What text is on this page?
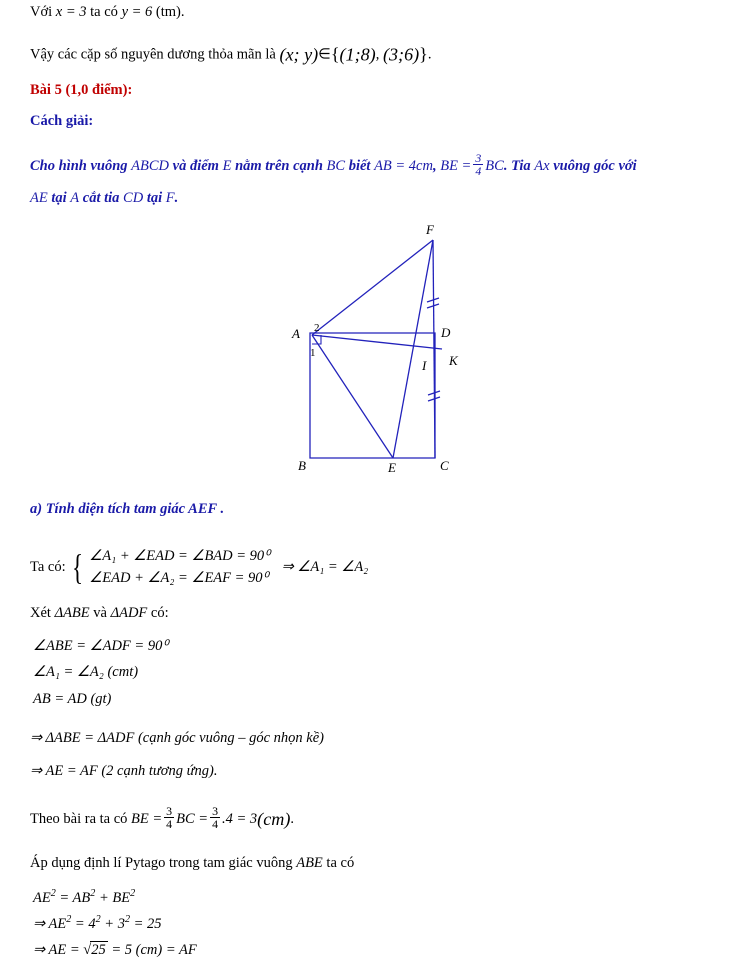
Với x = 3 ta có y = 6 (tm).
Vậy các cặp số nguyên dương thỏa mãn là (x; y)∈{(1;8), (3;6)}.
Bài 5 (1,0 điểm):
Cách giải:
Cho hình vuông ABCD và điểm E nằm trên cạnh BC biết AB = 4cm, BE = $\frac{3}{4}$ BC. Tia Ax vuông góc với
AE tại A cắt tia CD tại F.
F
A	D
K
I
B	E	C
2
1
a) Tính diện tích tam giác AEF .
Ta có: { ∠A₁ + ∠EAD = ∠BAD = 90⁰
∠EAD + ∠A₂ = ∠EAF = 90⁰
⇒ ∠A₁ = ∠A₂
Xét ΔABE và ΔADF có:
∠ABE = ∠ADF = 90⁰
∠A₁ = ∠A₂ (cmt)
AB = AD (gt)
⇒ ΔABE = ΔADF (cạnh góc vuông – góc nhọn kề)
⇒ AE = AF (2 cạnh tương ứng).
Theo bài ra ta có BE = $\frac{3}{4}$ BC = $\frac{3}{4} .4 = 3(cm)$.
Áp dụng định lí Pytago trong tam giác vuông ABE ta có
$AE^2 = AB^2 + BE^2$
⇒ $AE^2 = 4^2 + 3^2 = 25$
⇒ AE = √25 = 5 (cm) = AF
